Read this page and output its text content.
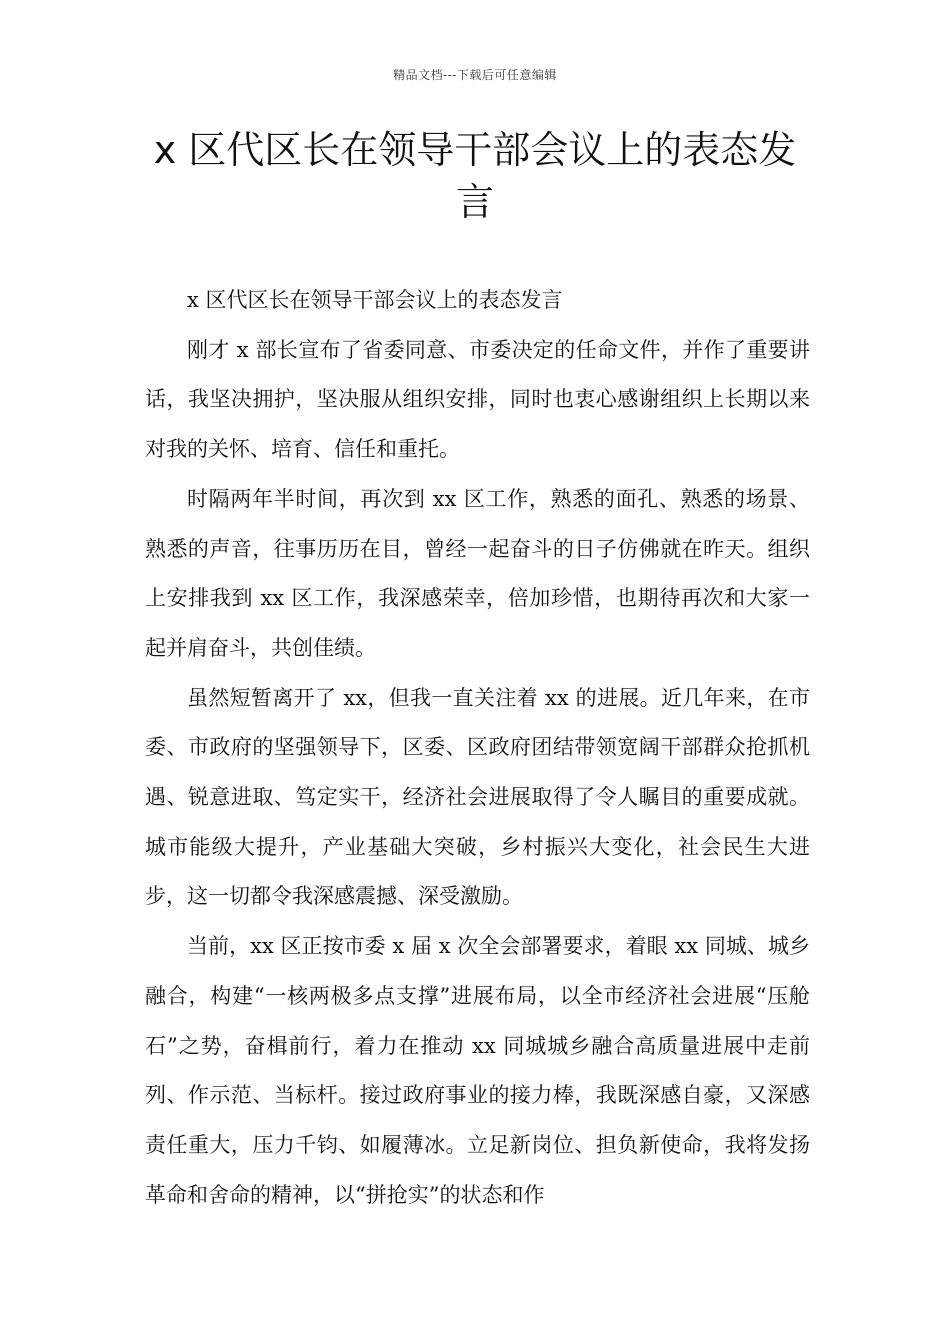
精品文档---下载后可任意编辑
x 区代区长在领导干部会议上的表态发言

x 区代区长在领导干部会议上的表态发言

刚才 x 部长宣布了省委同意、市委决定的任命文件，并作了重要讲话，我坚决拥护，坚决服从组织安排，同时也衷心感谢组织上长期以来对我的关怀、培育、信任和重托。

时隔两年半时间，再次到 xx 区工作，熟悉的面孔、熟悉的场景、熟悉的声音，往事历历在目，曾经一起奋斗的日子仿佛就在昨天。组织上安排我到 xx 区工作，我深感荣幸，倍加珍惜，也期待再次和大家一起并肩奋斗，共创佳绩。

虽然短暂离开了 xx，但我一直关注着 xx 的进展。近几年来，在市委、市政府的坚强领导下，区委、区政府团结带领宽阔干部群众抢抓机遇、锐意进取、笃定实干，经济社会进展取得了令人瞩目的重要成就。城市能级大提升，产业基础大突破，乡村振兴大变化，社会民生大进步，这一切都令我深感震撼、深受激励。

当前，xx 区正按市委 x 届 x 次全会部署要求，着眼 xx 同城、城乡融合，构建“一核两极多点支撑”进展布局，以全市经济社会进展“压舱石”之势，奋楫前行，着力在推动 xx 同城城乡融合高质量进展中走前列、作示范、当标杆。接过政府事业的接力棒，我既深感自豪，又深感责任重大，压力千钧、如履薄冰。立足新岗位、担负新使命，我将发扬革命和舍命的精神，以“拼抢实”的状态和作
